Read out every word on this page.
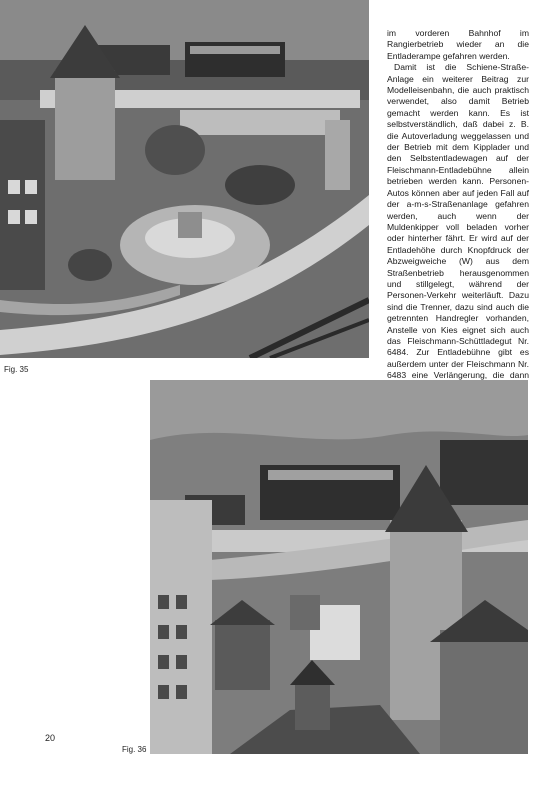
Fig. 35

im vorderen Bahnhof im Rangierbetrieb wieder an die Entladerampe gefahren werden.

Damit ist die Schiene-Straße-Anlage ein weiterer Beitrag zur Modelleisenbahn, die auch praktisch verwendet, also damit Betrieb gemacht werden kann. Es ist selbstverständlich, daß dabei z. B. die Autoverladung weggelassen und der Betrieb mit dem Kipplader und den Selbstentladewagen auf der Fleischmann-Entladebühne allein betrieben werden kann. Personen-Autos können aber auf jeden Fall auf der a-m-s-Straßenanlage gefahren werden, auch wenn der Muldenkipper voll beladen vorher oder hinterher fährt. Er wird auf der Entladehöhe durch Knopfdruck der Abzweigweiche (W) aus dem Straßenbetrieb herausgenommen und stillgelegt, während der Personen-Verkehr weiterläuft. Dazu sind die Trenner, dazu sind auch die getrennten Handregler vorhanden, Anstelle von Kies eignet sich auch das Fleischmann-Schüttladegut Nr. 6484. Zur Entladebühne gibt es außerdem unter der Fleischmann Nr. 6483 eine Verlängerung, die dann

Fig. 36
20
